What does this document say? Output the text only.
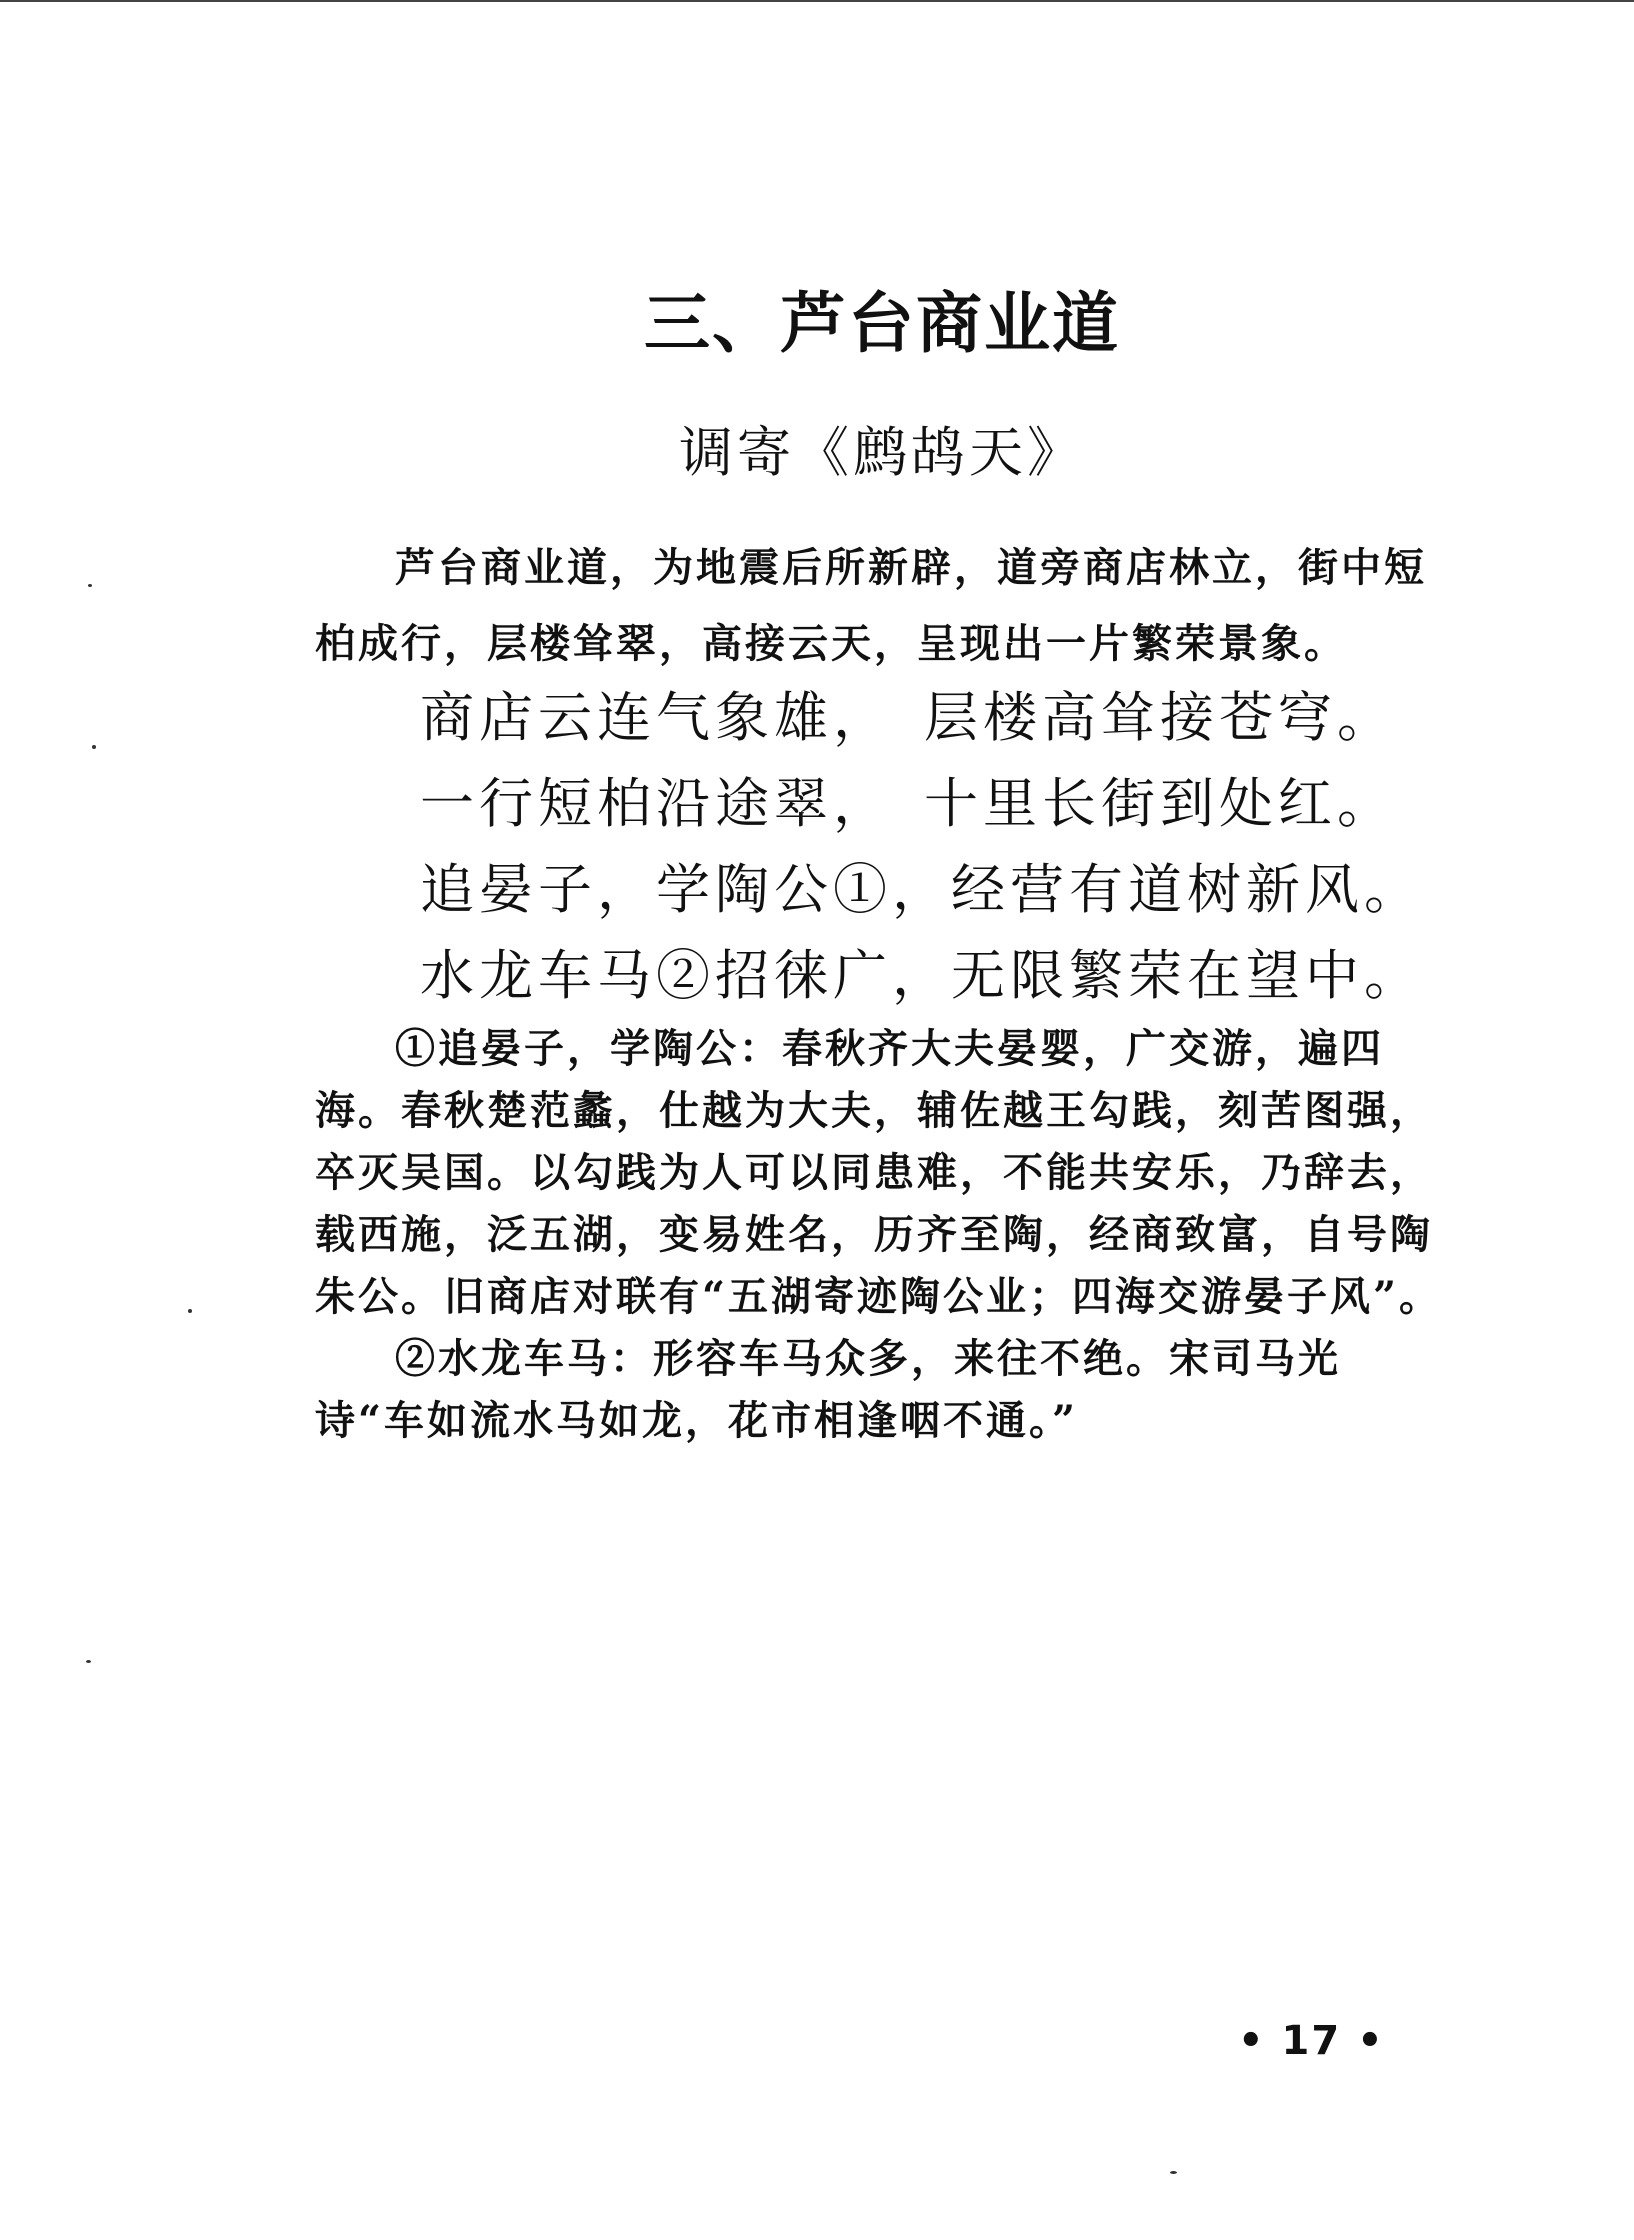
三、芦台商业道
调寄《鹧鸪天》

芦台商业道，为地震后所新辟，道旁商店林立，街中短柏成行，层楼耸翠，高接云天，呈现出一片繁荣景象。

商店云连气象雄，　层楼高耸接苍穹。
一行短柏沿途翠，　十里长街到处红。
追晏子，学陶公①，经营有道树新风。
水龙车马②招徕广，无限繁荣在望中。

①追晏子，学陶公：春秋齐大夫晏婴，广交游，遍四海。春秋楚范蠡，仕越为大夫，辅佐越王勾践，刻苦图强，卒灭吴国。以勾践为人可以同患难，不能共安乐，乃辞去，载西施，泛五湖，变易姓名，历齐至陶，经商致富，自号陶朱公。旧商店对联有“五湖寄迹陶公业；四海交游晏子风”。

②水龙车马：形容车马众多，来往不绝。宋司马光诗“车如流水马如龙，花市相逢咽不通。”

• 17 •
